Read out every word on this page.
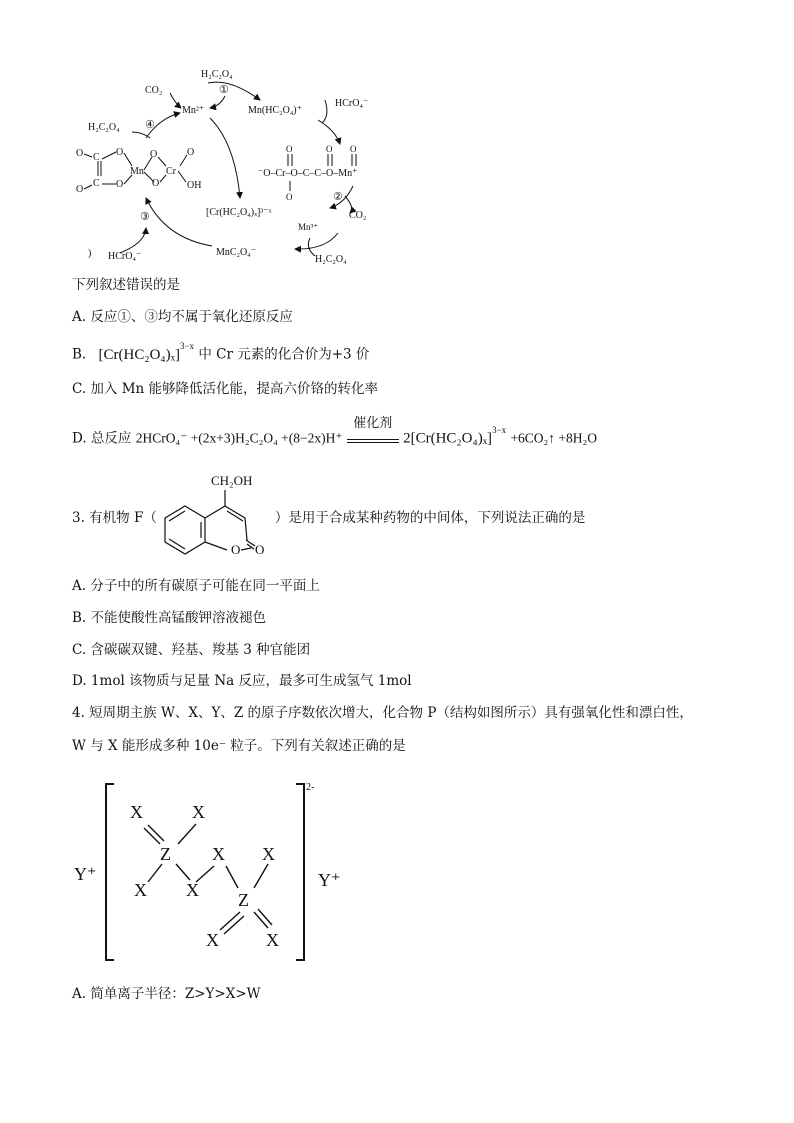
H₂C₂O₄
①
CO₂
Mn²⁺	Mn(HC₂O₄)⁺
HCrO₄⁻
H₂C₂O₄ ④
O
O
C
C
O
O
Mn
O
O
Cr
O
OH
⁻O–Cr–O–C–C–O–Mn⁺
O	O O
O	②
CO₂
[Cr(HC₂O₄)ₓ]³⁻ˣ
③
Mn³⁺
MnC₂O₄⁻
H₂C₂O₄
HCrO₄⁻
)
下列叙述错误的是
A. 反应①、③均不属于氧化还原反应
B. $[Cr(HC_2O_4)_x]^{3-x}$ 中 Cr 元素的化合价为+3 价
C. 加入 Mn 能够降低活化能，提高六价铬的转化率
D. 总反应 2HCrO₄⁻ +(2x+3)H₂C₂O₄ +(8−2x)H⁺
催化剂
$2[Cr(HC_2O_4)_x]^{3-x}$ +6CO₂↑ +8H₂O
3. 有机物 F（	）是用于合成某种药物的中间体，下列说法正确的是
CH₂OH
O O
A. 分子中的所有碳原子可能在同一平面上
B. 不能使酸性高锰酸钾溶液褪色
C. 含碳碳双键、羟基、羧基 3 种官能团
D. 1mol 该物质与足量 Na 反应，最多可生成氢气 1mol
4. 短周期主族 W、X、Y、Z 的原子序数依次增大，化合物 P（结构如图所示）具有强氧化性和漂白性，
W 与 X 能形成多种 10e⁻ 粒子。下列有关叙述正确的是
2-
Y⁺	Y⁺
X	X
Z X X
X X Z
X	X
A. 简单离子半径：Z>Y>X>W
